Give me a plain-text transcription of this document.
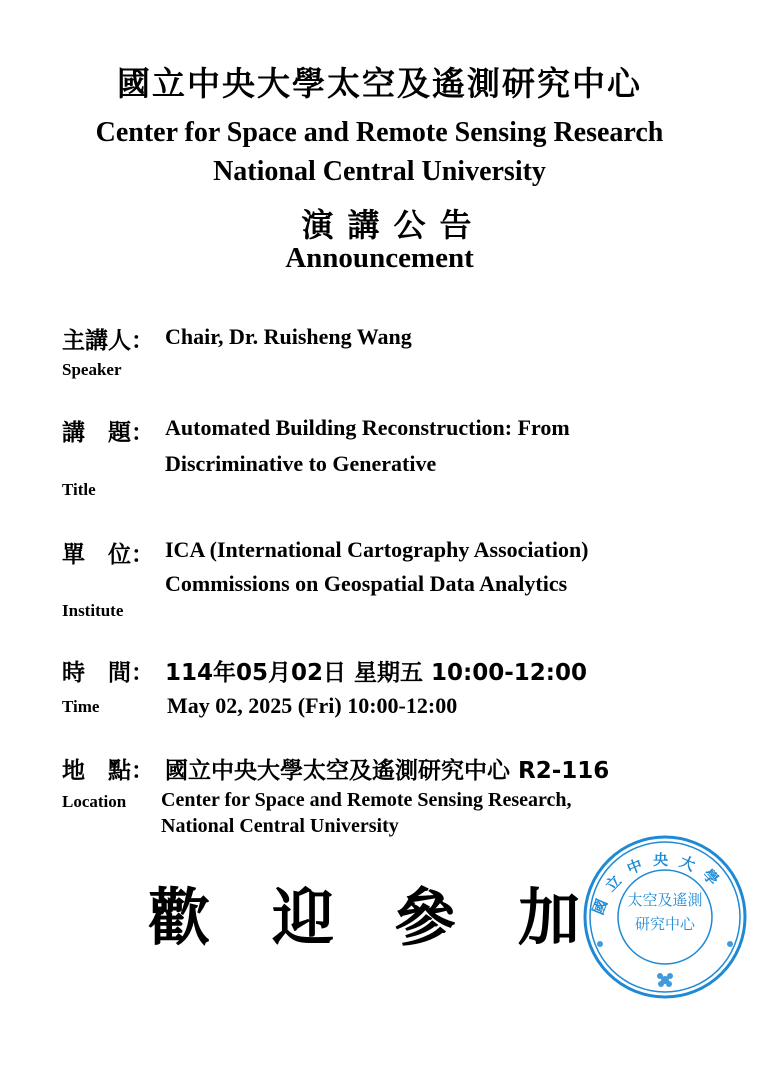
國立中央大學太空及遙測研究中心
Center for Space and Remote Sensing Research
National Central University
演講公告
Announcement
主講人： Chair, Dr. Ruisheng Wang
Speaker
講　題： Automated Building Reconstruction: From
Discriminative to Generative
Title
單　位： ICA (International Cartography Association)
Commissions on Geospatial Data Analytics
Institute
時　間： 114年05月02日 星期五 10:00-12:00
Time	May 02, 2025 (Fri) 10:00-12:00
地　點： 國立中央大學太空及遙測研究中心 R2-116
Location Center for Space and Remote Sensing Research,
National Central University
歡 迎 參 加 國立中央大學
太空及遙測研究中心
